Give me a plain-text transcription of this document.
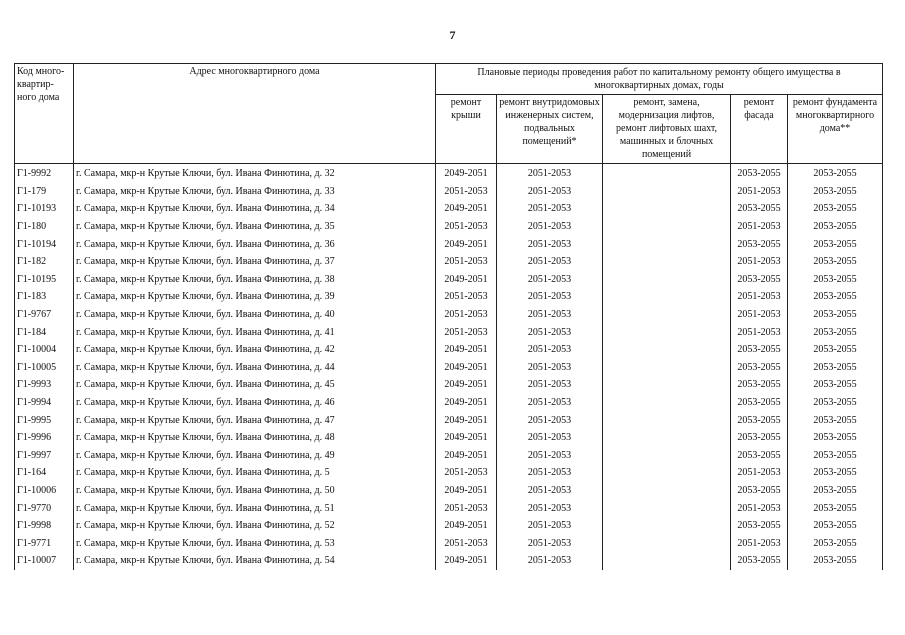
7
Код много-квартир-ного дома	Адрес многоквартирного дома	Плановые периоды проведения работ по капитальному ремонту общего имущества в многоквартирных домах, годы				
		ремонт крыши	ремонт внутридомовых инженерных систем, подвальных помещений*	ремонт, замена, модернизация лифтов, ремонт лифтовых шахт, машинных и блочных помещений	ремонт фасада	ремонт фундамента многоквартирного дома**
Г1-9992	г. Самара, мкр-н Крутые Ключи, бул. Ивана Финютина, д. 32	2049-2051	2051-2053		2053-2055	2053-2055
Г1-179	г. Самара, мкр-н Крутые Ключи, бул. Ивана Финютина, д. 33	2051-2053	2051-2053		2051-2053	2053-2055
Г1-10193	г. Самара, мкр-н Крутые Ключи, бул. Ивана Финютина, д. 34	2049-2051	2051-2053		2053-2055	2053-2055
Г1-180	г. Самара, мкр-н Крутые Ключи, бул. Ивана Финютина, д. 35	2051-2053	2051-2053		2051-2053	2053-2055
Г1-10194	г. Самара, мкр-н Крутые Ключи, бул. Ивана Финютина, д. 36	2049-2051	2051-2053		2053-2055	2053-2055
Г1-182	г. Самара, мкр-н Крутые Ключи, бул. Ивана Финютина, д. 37	2051-2053	2051-2053		2051-2053	2053-2055
Г1-10195	г. Самара, мкр-н Крутые Ключи, бул. Ивана Финютина, д. 38	2049-2051	2051-2053		2053-2055	2053-2055
Г1-183	г. Самара, мкр-н Крутые Ключи, бул. Ивана Финютина, д. 39	2051-2053	2051-2053		2051-2053	2053-2055
Г1-9767	г. Самара, мкр-н Крутые Ключи, бул. Ивана Финютина, д. 40	2051-2053	2051-2053		2051-2053	2053-2055
Г1-184	г. Самара, мкр-н Крутые Ключи, бул. Ивана Финютина, д. 41	2051-2053	2051-2053		2051-2053	2053-2055
Г1-10004	г. Самара, мкр-н Крутые Ключи, бул. Ивана Финютина, д. 42	2049-2051	2051-2053		2053-2055	2053-2055
Г1-10005	г. Самара, мкр-н Крутые Ключи, бул. Ивана Финютина, д. 44	2049-2051	2051-2053		2053-2055	2053-2055
Г1-9993	г. Самара, мкр-н Крутые Ключи, бул. Ивана Финютина, д. 45	2049-2051	2051-2053		2053-2055	2053-2055
Г1-9994	г. Самара, мкр-н Крутые Ключи, бул. Ивана Финютина, д. 46	2049-2051	2051-2053		2053-2055	2053-2055
Г1-9995	г. Самара, мкр-н Крутые Ключи, бул. Ивана Финютина, д. 47	2049-2051	2051-2053		2053-2055	2053-2055
Г1-9996	г. Самара, мкр-н Крутые Ключи, бул. Ивана Финютина, д. 48	2049-2051	2051-2053		2053-2055	2053-2055
Г1-9997	г. Самара, мкр-н Крутые Ключи, бул. Ивана Финютина, д. 49	2049-2051	2051-2053		2053-2055	2053-2055
Г1-164	г. Самара, мкр-н Крутые Ключи, бул. Ивана Финютина, д. 5	2051-2053	2051-2053		2051-2053	2053-2055
Г1-10006	г. Самара, мкр-н Крутые Ключи, бул. Ивана Финютина, д. 50	2049-2051	2051-2053		2053-2055	2053-2055
Г1-9770	г. Самара, мкр-н Крутые Ключи, бул. Ивана Финютина, д. 51	2051-2053	2051-2053		2051-2053	2053-2055
Г1-9998	г. Самара, мкр-н Крутые Ключи, бул. Ивана Финютина, д. 52	2049-2051	2051-2053		2053-2055	2053-2055
Г1-9771	г. Самара, мкр-н Крутые Ключи, бул. Ивана Финютина, д. 53	2051-2053	2051-2053		2051-2053	2053-2055
Г1-10007	г. Самара, мкр-н Крутые Ключи, бул. Ивана Финютина, д. 54	2049-2051	2051-2053		2053-2055	2053-2055
